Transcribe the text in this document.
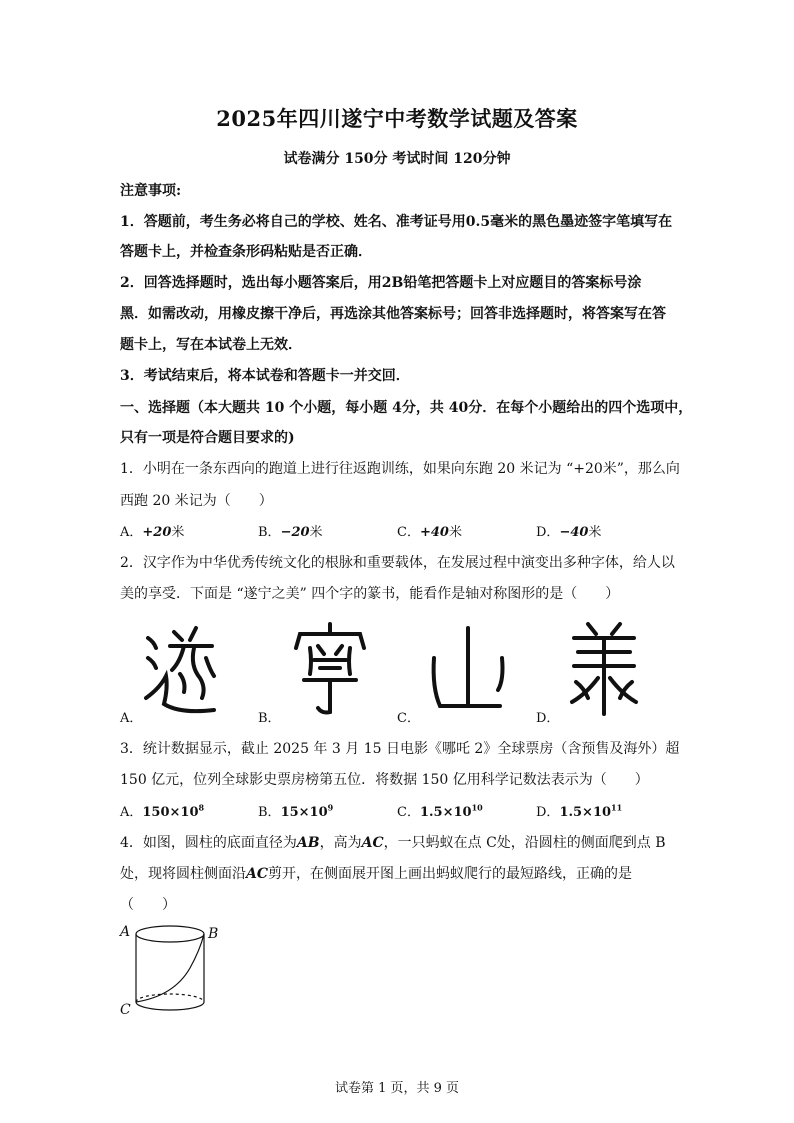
2025年四川遂宁中考数学试题及答案
试卷满分 150分 考试时间 120分钟
注意事项:
1．答题前，考生务必将自己的学校、姓名、准考证号用0.5毫米的黑色墨迹签字笔填写在
答题卡上，并检查条形码粘贴是否正确．
2．回答选择题时，选出每小题答案后，用2B铅笔把答题卡上对应题目的答案标号涂
黑．如需改动，用橡皮擦干净后，再选涂其他答案标号；回答非选择题时，将答案写在答
题卡上，写在本试卷上无效．
3．考试结束后，将本试卷和答题卡一并交回．
一、选择题（本大题共 10 个小题，每小题 4分，共 40分．在每个小题给出的四个选项中，
只有一项是符合题目要求的)
1．小明在一条东西向的跑道上进行往返跑训练，如果向东跑 20 米记为 “+20米”，那么向
西跑 20 米记为（　　）
A．+20米	B．−20米	C．+40米	D．−40米
2．汉字作为中华优秀传统文化的根脉和重要载体，在发展过程中演变出多种字体，给人以
美的享受．下面是 “遂宁之美” 四个字的篆书，能看作是轴对称图形的是（　　）
A．	B．	C．	D．
3．统计数据显示，截止 2025 年 3 月 15 日电影《哪吒 2》全球票房（含预售及海外）超
150 亿元，位列全球影史票房榜第五位．将数据 150 亿用科学记数法表示为（　　）
A．$150\times 10^8$	B．$15\times 10^9$	C．$1.5\times 10^{10}$	D．$1.5\times 10^{11}$
4．如图，圆柱的底面直径为AB，高为AC，一只蚂蚁在点 C处，沿圆柱的侧面爬到点 B
处，现将圆柱侧面沿AC剪开，在侧面展开图上画出蚂蚁爬行的最短路线，正确的是
（　　）
A	B
C
试卷第 1 页，共 9 页
